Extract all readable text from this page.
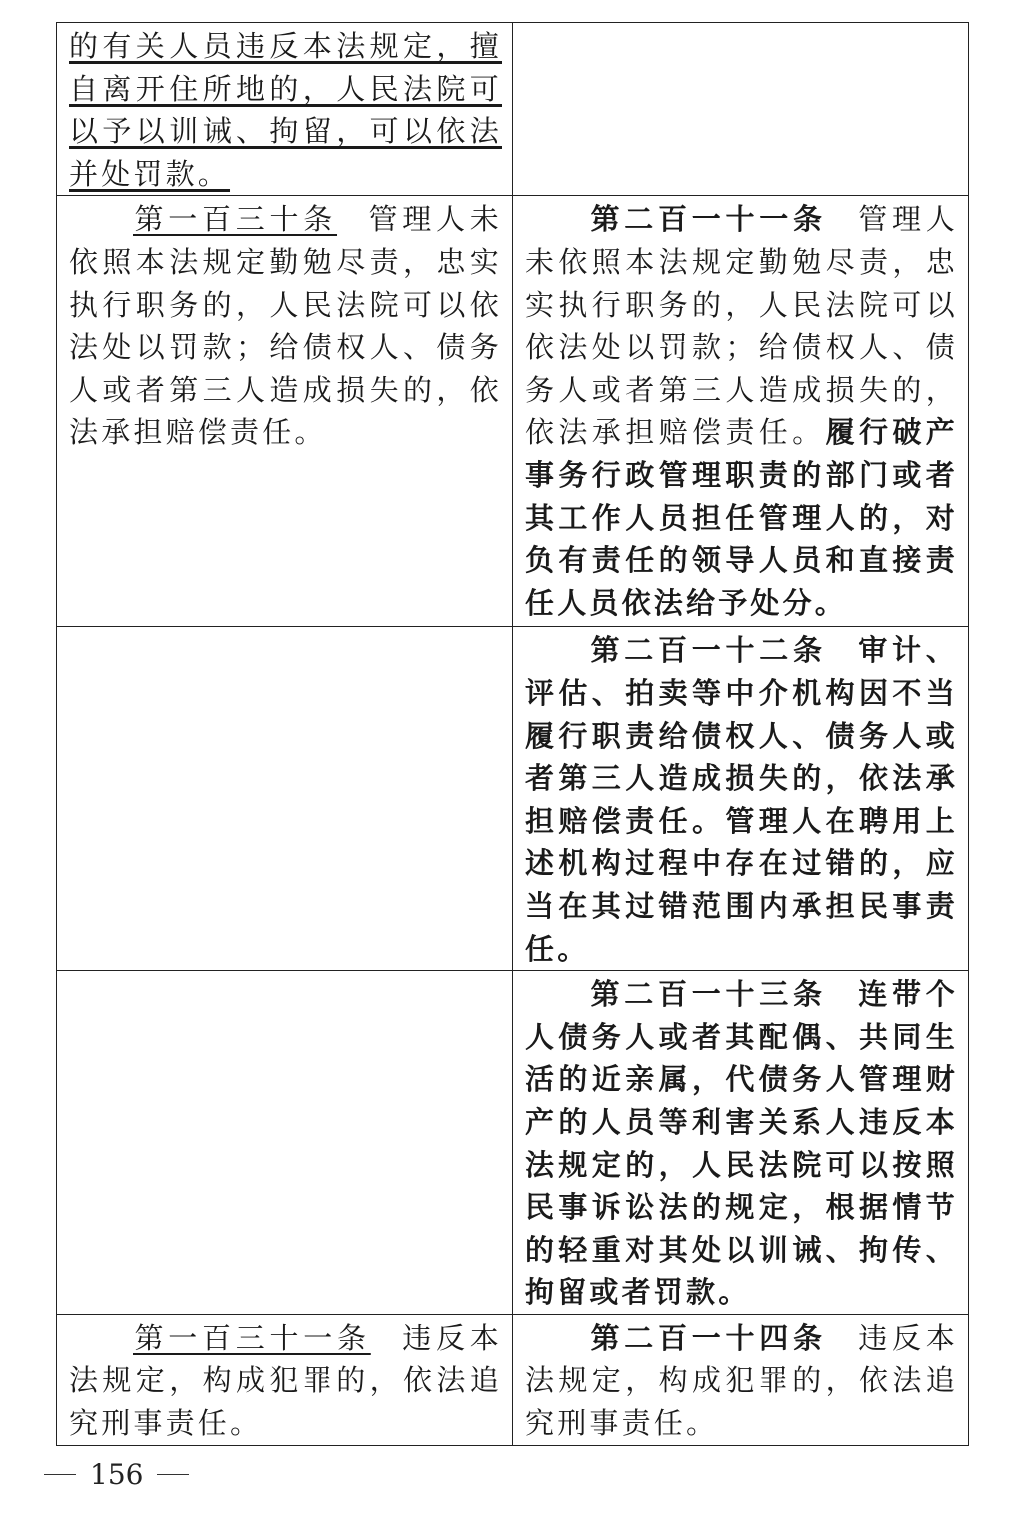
的有关人员违反本法规定，擅自离开住所地的，人民法院可以予以训诫、拘留，可以依法并处罚款。	
第一百三十条 管理人未依照本法规定勤勉尽责，忠实执行职务的，人民法院可以依法处以罚款；给债权人、债务人或者第三人造成损失的，依法承担赔偿责任。	第二百一十一条 管理人未依照本法规定勤勉尽责，忠实执行职务的，人民法院可以依法处以罚款；给债权人、债务人或者第三人造成损失的，依法承担赔偿责任。履行破产事务行政管理职责的部门或者其工作人员担任管理人的，对负有责任的领导人员和直接责任人员依法给予处分。
	第二百一十二条 审计、评估、拍卖等中介机构因不当履行职责给债权人、债务人或者第三人造成损失的，依法承担赔偿责任。管理人在聘用上述机构过程中存在过错的，应当在其过错范围内承担民事责任。
	第二百一十三条 连带个人债务人或者其配偶、共同生活的近亲属，代债务人管理财产的人员等利害关系人违反本法规定的，人民法院可以按照民事诉讼法的规定，根据情节的轻重对其处以训诫、拘传、拘留或者罚款。
第一百三十一条 违反本法规定，构成犯罪的，依法追究刑事责任。	第二百一十四条 违反本法规定，构成犯罪的，依法追究刑事责任。
156
